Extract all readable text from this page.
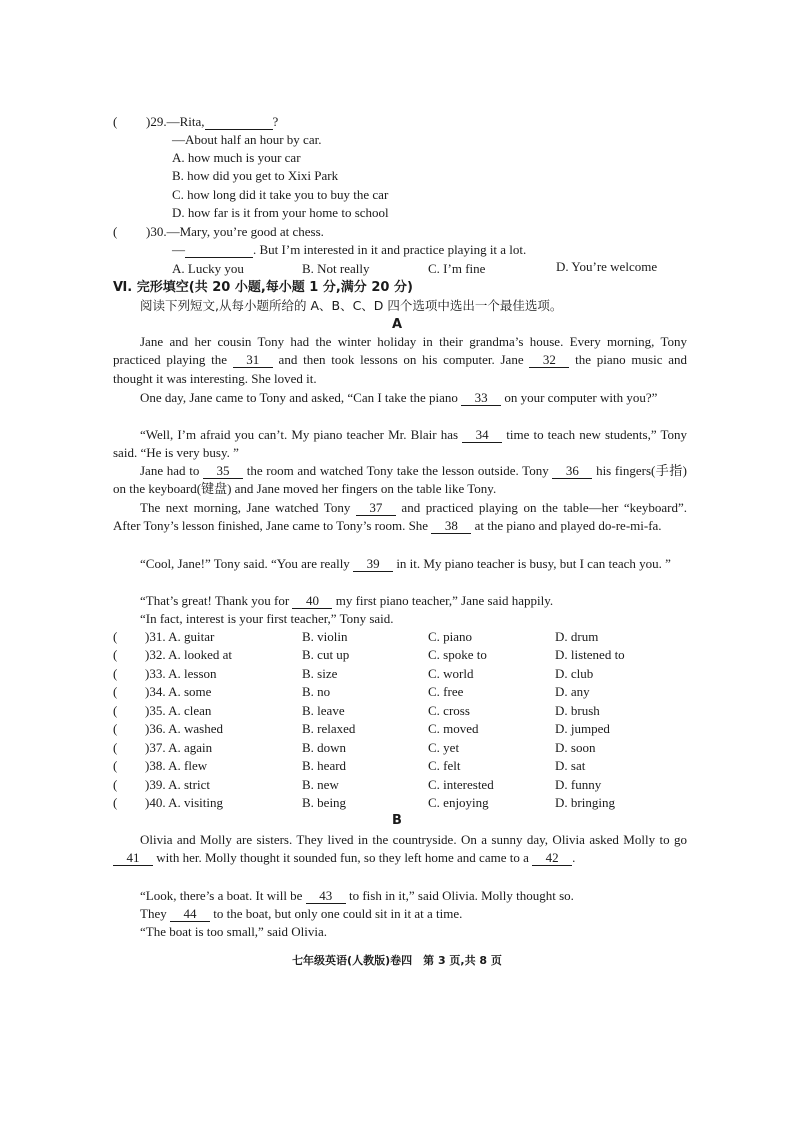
( )29.—Rita,	?
—About half an hour by car.
A. how much is your car
B. how did you get to Xixi Park
C. how long did it take you to buy the car
D. how far is it from your home to school
( )30.—Mary, you’re good at chess.
—	. But I’m interested in it and practice playing it a lot.
A. Lucky you	B. Not really	C. I’m fine	D. You’re welcome
Ⅵ. 完形填空(共 20 小题,每小题 1 分,满分 20 分)
阅读下列短文,从每小题所给的 A、B、C、D 四个选项中选出一个最佳选项。
A
Jane and her cousin Tony had the winter holiday in their grandma’s house. Every morning, Tony practiced playing the 31 and then took lessons on his computer. Jane 32 the piano music and thought it was interesting. She loved it.
One day, Jane came to Tony and asked, “Can I take the piano 33 on your computer with you?”
“Well, I’m afraid you can’t. My piano teacher Mr. Blair has 34 time to teach new students,” Tony said. “He is very busy. ”
Jane had to 35 the room and watched Tony take the lesson outside. Tony 36 his fingers(手指) on the keyboard(键盘) and Jane moved her fingers on the table like Tony.
The next morning, Jane watched Tony 37 and practiced playing on the table—her “keyboard”. After Tony’s lesson finished, Jane came to Tony’s room. She 38 at the piano and played do-re-mi-fa.
“Cool, Jane!” Tony said. “You are really 39 in it. My piano teacher is busy, but I can teach you. ”
“That’s great! Thank you for 40 my first piano teacher,” Jane said happily.
“In fact, interest is your first teacher,” Tony said.
( )31. A. guitar	B. violin	C. piano	D. drum
( )32. A. looked at	B. cut up	C. spoke to	D. listened to
( )33. A. lesson	B. size	C. world	D. club
( )34. A. some	B. no	C. free	D. any
( )35. A. clean	B. leave	C. cross	D. brush
( )36. A. washed	B. relaxed	C. moved	D. jumped
( )37. A. again	B. down	C. yet	D. soon
( )38. A. flew	B. heard	C. felt	D. sat
( )39. A. strict	B. new	C. interested	D. funny
( )40. A. visiting	B. being	C. enjoying	D. bringing
B
Olivia and Molly are sisters. They lived in the countryside. On a sunny day, Olivia asked Molly to go 41 with her. Molly thought it sounded fun, so they left home and came to a 42 .
“Look, there’s a boat. It will be 43 to fish in it,” said Olivia. Molly thought so.
They 44 to the boat, but only one could sit in it at a time.
“The boat is too small,” said Olivia.
七年级英语(人教版)卷四　第 3 页,共 8 页
